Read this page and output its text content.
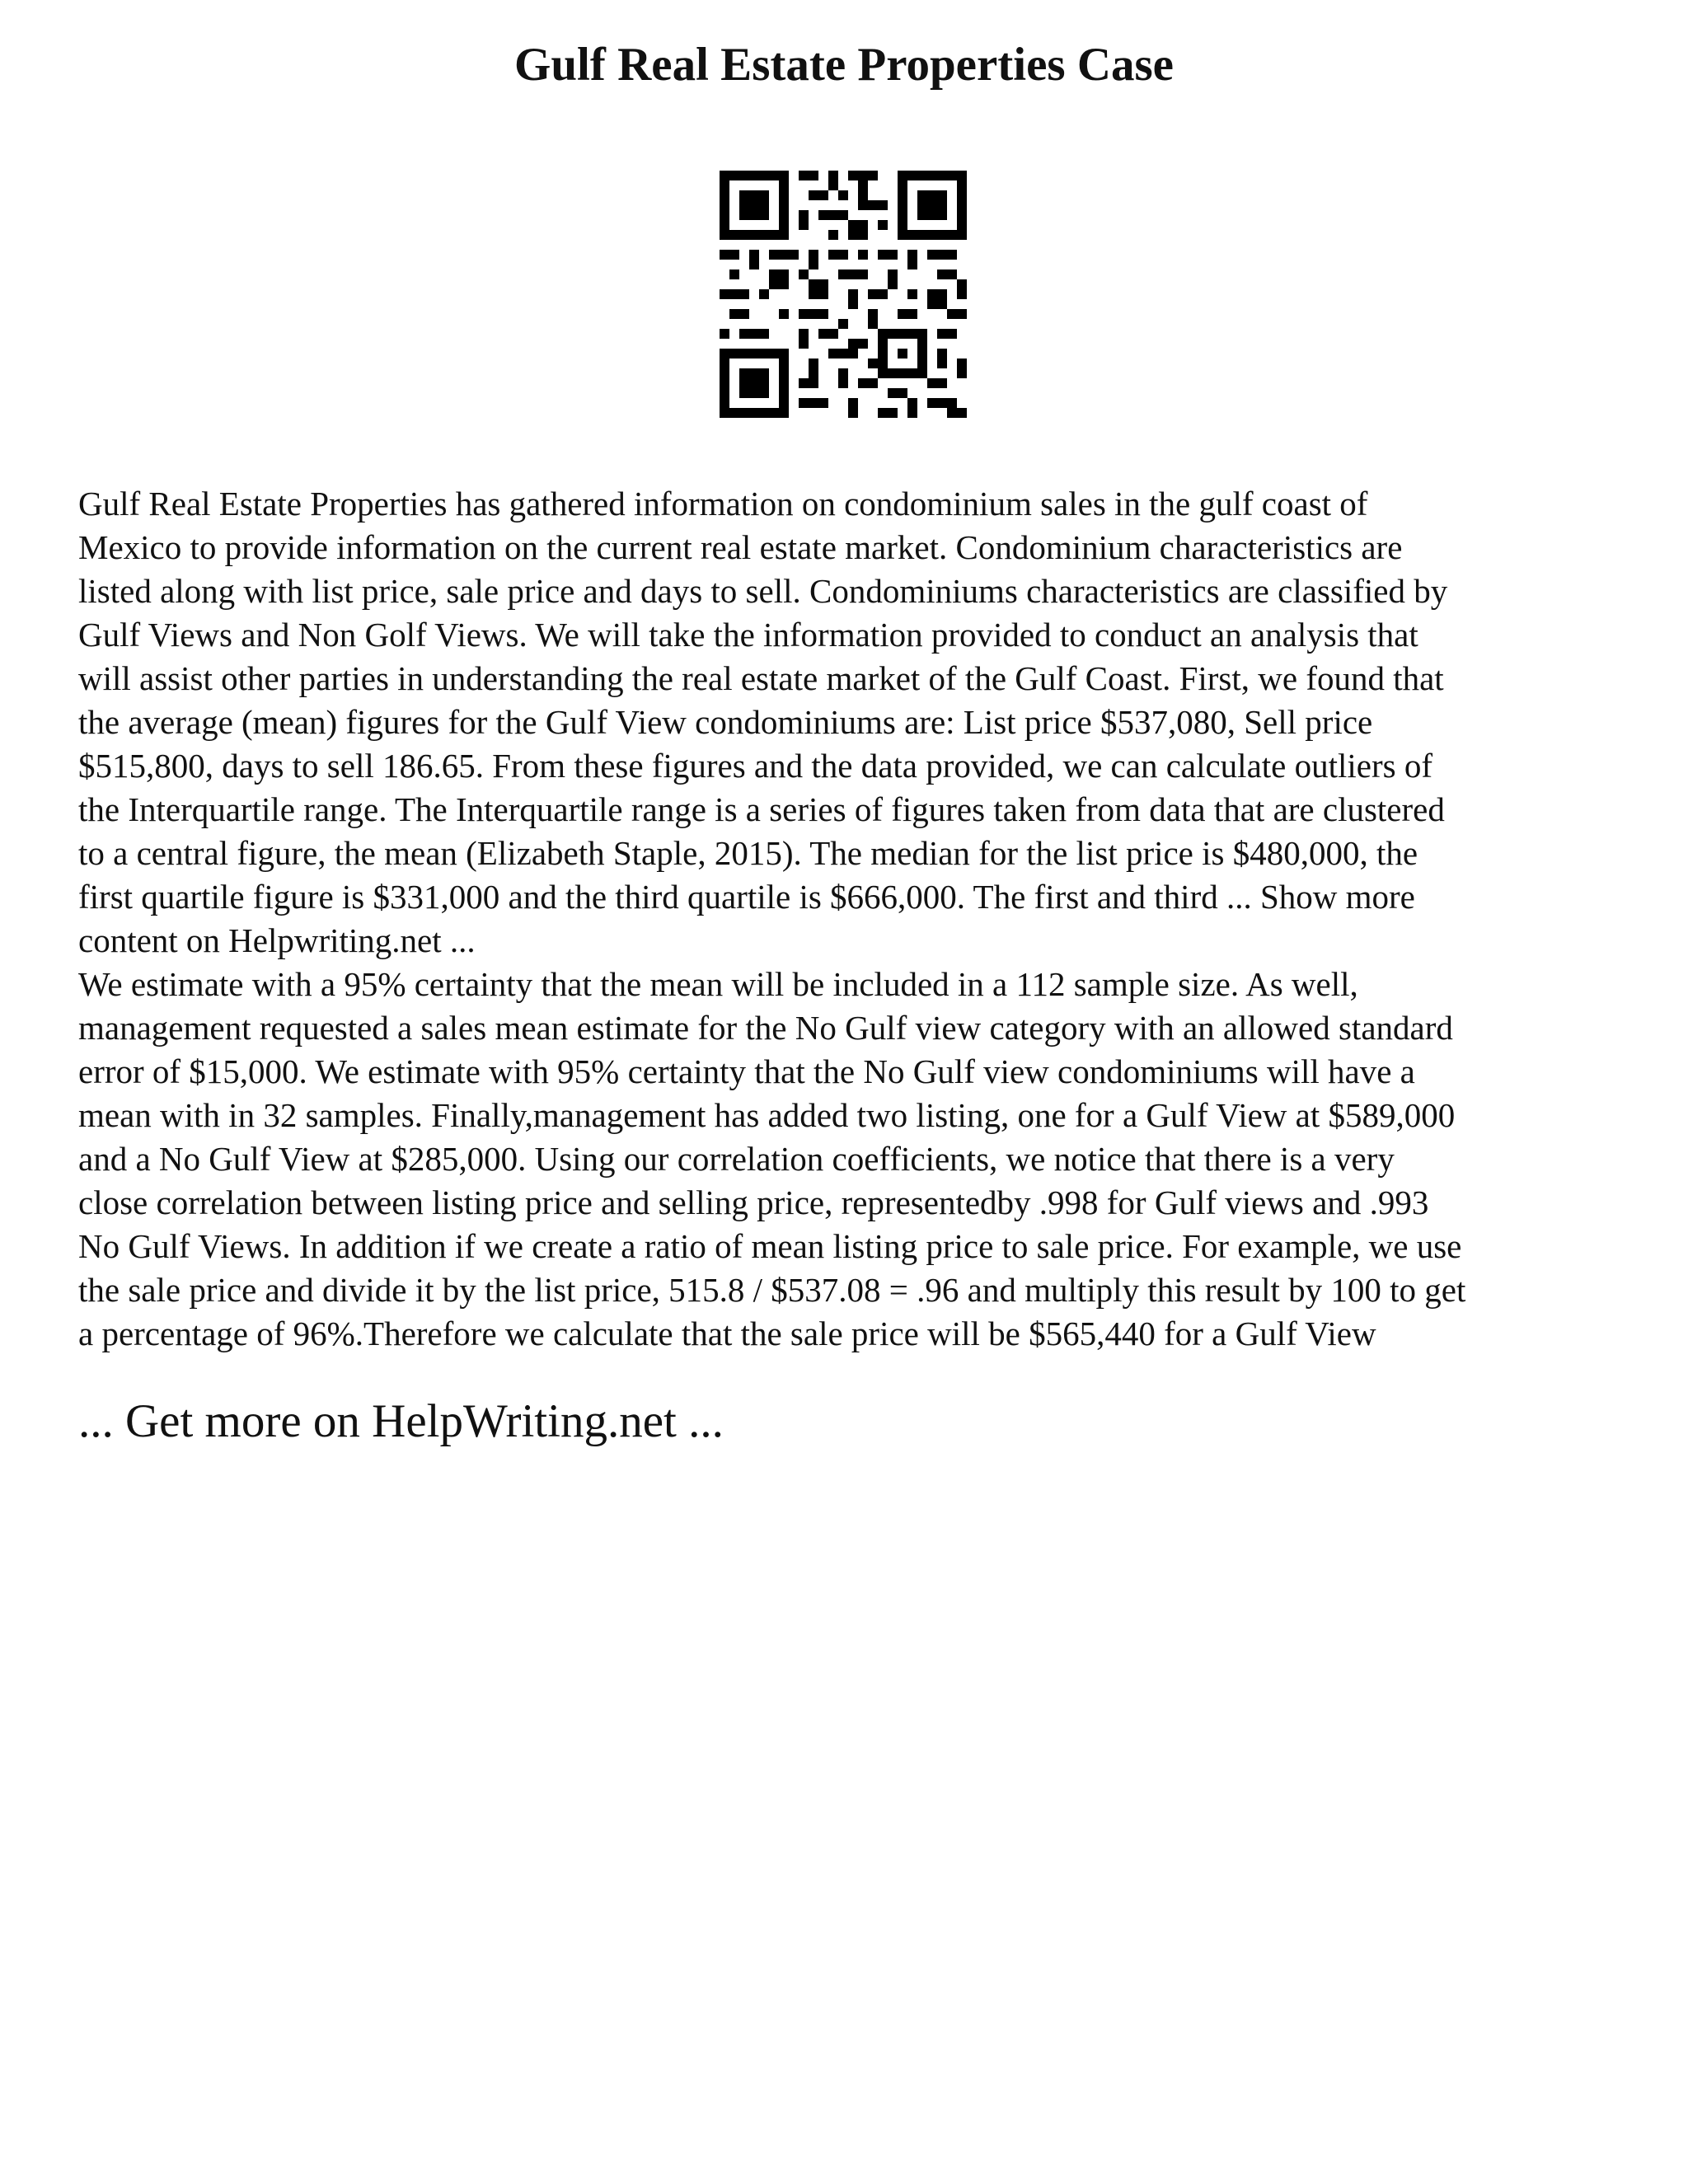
Gulf Real Estate Properties Case
Gulf Real Estate Properties has gathered information on condominium sales in the gulf coast of
Mexico to provide information on the current real estate market. Condominium characteristics are
listed along with list price, sale price and days to sell. Condominiums characteristics are classified by
Gulf Views and Non Golf Views. We will take the information provided to conduct an analysis that
will assist other parties in understanding the real estate market of the Gulf Coast. First, we found that
the average (mean) figures for the Gulf View condominiums are: List price $537,080, Sell price
$515,800, days to sell 186.65. From these figures and the data provided, we can calculate outliers of
the Interquartile range. The Interquartile range is a series of figures taken from data that are clustered
to a central figure, the mean (Elizabeth Staple, 2015). The median for the list price is $480,000, the
first quartile figure is $331,000 and the third quartile is $666,000. The first and third ... Show more
content on Helpwriting.net ...
We estimate with a 95% certainty that the mean will be included in a 112 sample size. As well,
management requested a sales mean estimate for the No Gulf view category with an allowed standard
error of $15,000. We estimate with 95% certainty that the No Gulf view condominiums will have a
mean with in 32 samples. Finally,management has added two listing, one for a Gulf View at $589,000
and a No Gulf View at $285,000. Using our correlation coefficients, we notice that there is a very
close correlation between listing price and selling price, representedby .998 for Gulf views and .993
No Gulf Views. In addition if we create a ratio of mean listing price to sale price. For example, we use
the sale price and divide it by the list price, 515.8 / $537.08 = .96 and multiply this result by 100 to get
a percentage of 96%.Therefore we calculate that the sale price will be $565,440 for a Gulf View
... Get more on HelpWriting.net ...
